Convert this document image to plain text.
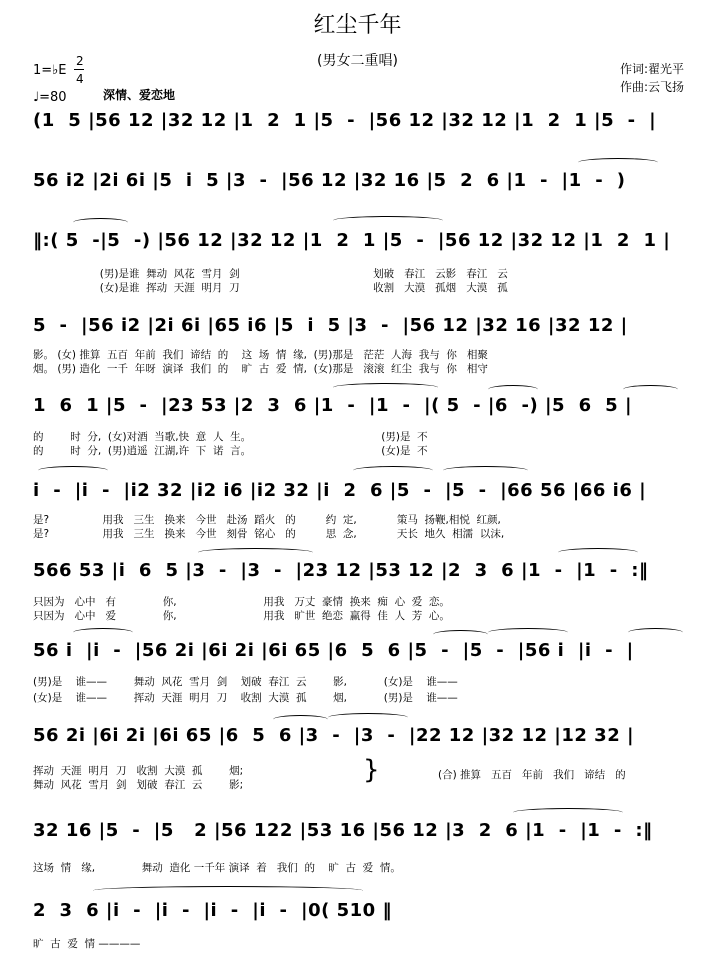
红尘千年
(男女二重唱)	作词:翟光平
作曲:云飞扬
1=♭E
2
4
♩=80	深情、爱恋地
(1  5 |56 12 |32 12 |1  2  1 |5  -  |56 12 |32 12 |1  2  1 |5  -  |
56 i2 |2i 6i |5  i  5 |3  -  |56 12 |32 16 |5  2  6 |1  -  |1  -  )
‖:( 5  -|5  -) |56 12 |32 12 |1  2  1 |5  -  |56 12 |32 12 |1  2  1 |
(男)是谁  舞动  风花  雪月  剑                                        划破   春江   云影   春江   云
(女)是谁  挥动  天涯  明月  刀                                        收割   大漠   孤烟   大漠   孤
5  -  |56 i2 |2i 6i |65 i6 |5  i  5 |3  -  |56 12 |32 16 |32 12 |
影。 (女) 推算  五百  年前  我们  谛结  的    这  场  情  缘,  (男)那是   茫茫  人海  我与  你   相聚
烟。 (男) 造化  一千  年呀  演译  我们  的    旷  古  爱  情,  (女)那是   滚滚  红尘  我与  你   相守
1  6  1 |5  -  |23 53 |2  3  6 |1  -  |1  -  |( 5  - |6  -) |5  6  5 |
的        时  分,  (女)对酒  当歌,快  意  人  生。                                       (男)是  不
的        时  分,  (男)逍遥  江湖,许  下  诺  言。                                       (女)是  不
i  -  |i  -  |i2 32 |i2 i6 |i2 32 |i  2  6 |5  -  |5  -  |66 56 |66 i6 |
是?                用我   三生   换来   今世   赴汤  蹈火   的         约  定,            策马  扬鞭,相悦  红颜,
是?                用我   三生   换来   今世   刻骨  铭心   的         思  念,            天长  地久  相濡  以沫,
566 53 |i  6  5 |3  -  |3  -  |23 12 |53 12 |2  3  6 |1  -  |1  -  :‖
只因为   心中   有              你,                          用我   万丈  豪情  换来  痴  心  爱  恋。
只因为   心中   爱              你,                          用我   旷世  绝恋  赢得  佳  人  芳  心。
56 i  |i  -  |56 2i |6i 2i |6i 65 |6  5  6 |5  -  |5  -  |56 i  |i  -  |
(男)是    谁——        舞动  风花  雪月  剑    划破  春江  云        影,           (女)是    谁——
(女)是    谁——        挥动  天涯  明月  刀    收割  大漠  孤        烟,           (男)是    谁——
56 2i |6i 2i |6i 65 |6  5  6 |3  -  |3  -  |22 12 |32 12 |12 32 |
挥动  天涯  明月  刀   收割  大漠  孤        烟;
舞动  风花  雪月  剑   划破  春江  云        影;	}	(合) 推算   五百   年前   我们   谛结   的
32 16 |5  -  |5   2 |56 122 |53 16 |56 12 |3  2  6 |1  -  |1  -  :‖
这场  情   缘,              舞动  造化 一千年 演译  着   我们  的    旷  古  爱  情。
2  3  6 |i  -  |i  -  |i  -  |i  -  |0( 510 ‖
旷  古  爱  情 ————
